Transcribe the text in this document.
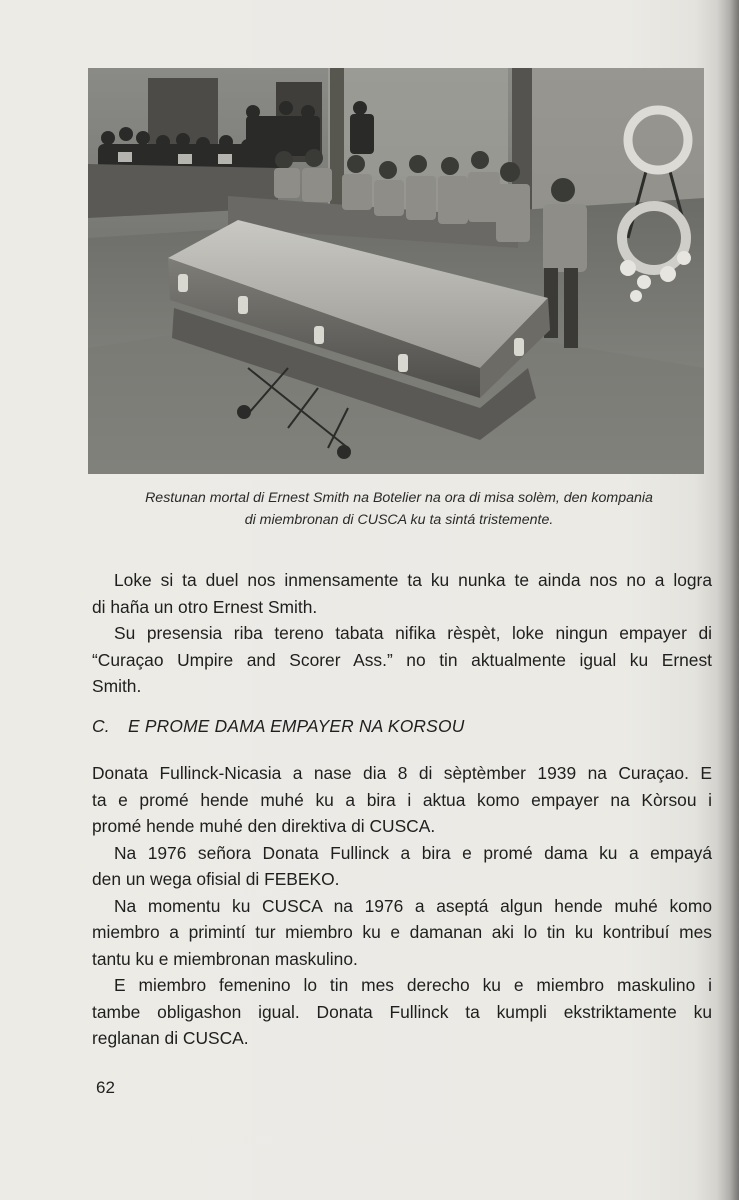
Restunan mortal di Ernest Smith na Botelier na ora di misa solèm, den kompania
di miembronan di CUSCA ku ta sintá tristemente.

Loke si ta duel nos inmensamente ta ku nunka te ainda nos no a logra

di haña un otro Ernest Smith.

Su presensia riba tereno tabata nifika rèspèt, loke ningun empayer di

“Curaçao Umpire and Scorer Ass.” no tin aktualmente igual ku Ernest
Smith.

C. E PROME DAMA EMPAYER NA KORSOU

Donata Fullinck-Nicasia a nase dia 8 di sèptèmber 1939 na Curaçao. E
ta e promé hende muhé ku a bira i aktua komo empayer na Kòrsou i
promé hende muhé den direktiva di CUSCA.

Na 1976 señora Donata Fullinck a bira e promé dama ku a empayá

den un wega ofisial di FEBEKO.

Na momentu ku CUSCA na 1976 a aseptá algun hende muhé komo

miembro a primintí tur miembro ku e damanan aki lo tin ku kontribuí mes
tantu ku e miembronan maskulino.

E miembro femenino lo tin mes derecho ku e miembro maskulino i

tambe obligashon igual. Donata Fullinck ta kumpli ekstriktamente ku
reglanan di CUSCA.

62
